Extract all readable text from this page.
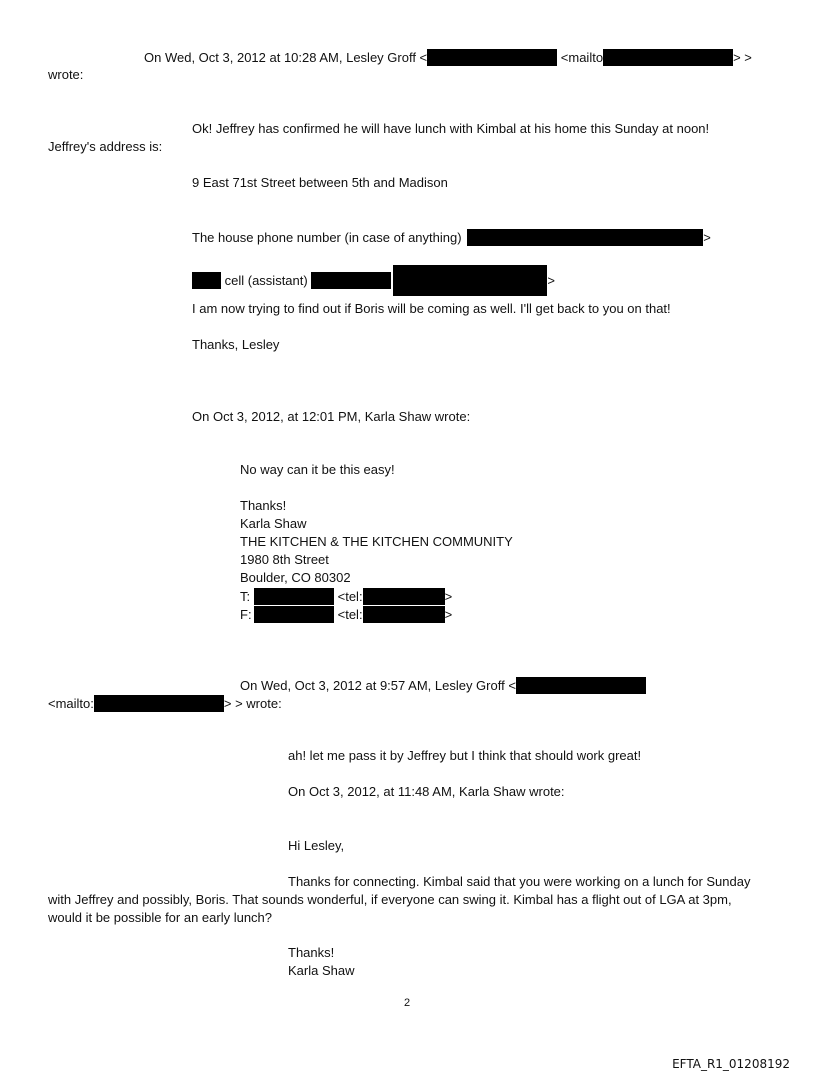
On Wed, Oct 3, 2012 at 10:28 AM, Lesley Groff <	<mailto	> >
wrote:
Ok! Jeffrey has confirmed he will have lunch with Kimbal at his home this Sunday at noon!
Jeffrey's address is:
9 East 71st Street between 5th and Madison
The house phone number (in case of anything)	>
cell (assistant)	>
I am now trying to find out if Boris will be coming as well. I'll get back to you on that!
Thanks, Lesley
On Oct 3, 2012, at 12:01 PM, Karla Shaw wrote:
No way can it be this easy!
Thanks!
Karla Shaw
THE KITCHEN & THE KITCHEN COMMUNITY
1980 8th Street
Boulder, CO 80302
T:	<tel:	>
F:	<tel:	>
On Wed, Oct 3, 2012 at 9:57 AM, Lesley Groff <
<mailto:	> > wrote:
ah! let me pass it by Jeffrey but I think that should work great!
On Oct 3, 2012, at 11:48 AM, Karla Shaw wrote:
Hi Lesley,
Thanks for connecting. Kimbal said that you were working on a lunch for Sunday
with Jeffrey and possibly, Boris. That sounds wonderful, if everyone can swing it. Kimbal has a flight out of LGA at 3pm,
would it be possible for an early lunch?
Thanks!
Karla Shaw
2
EFTA_R1_01208192
